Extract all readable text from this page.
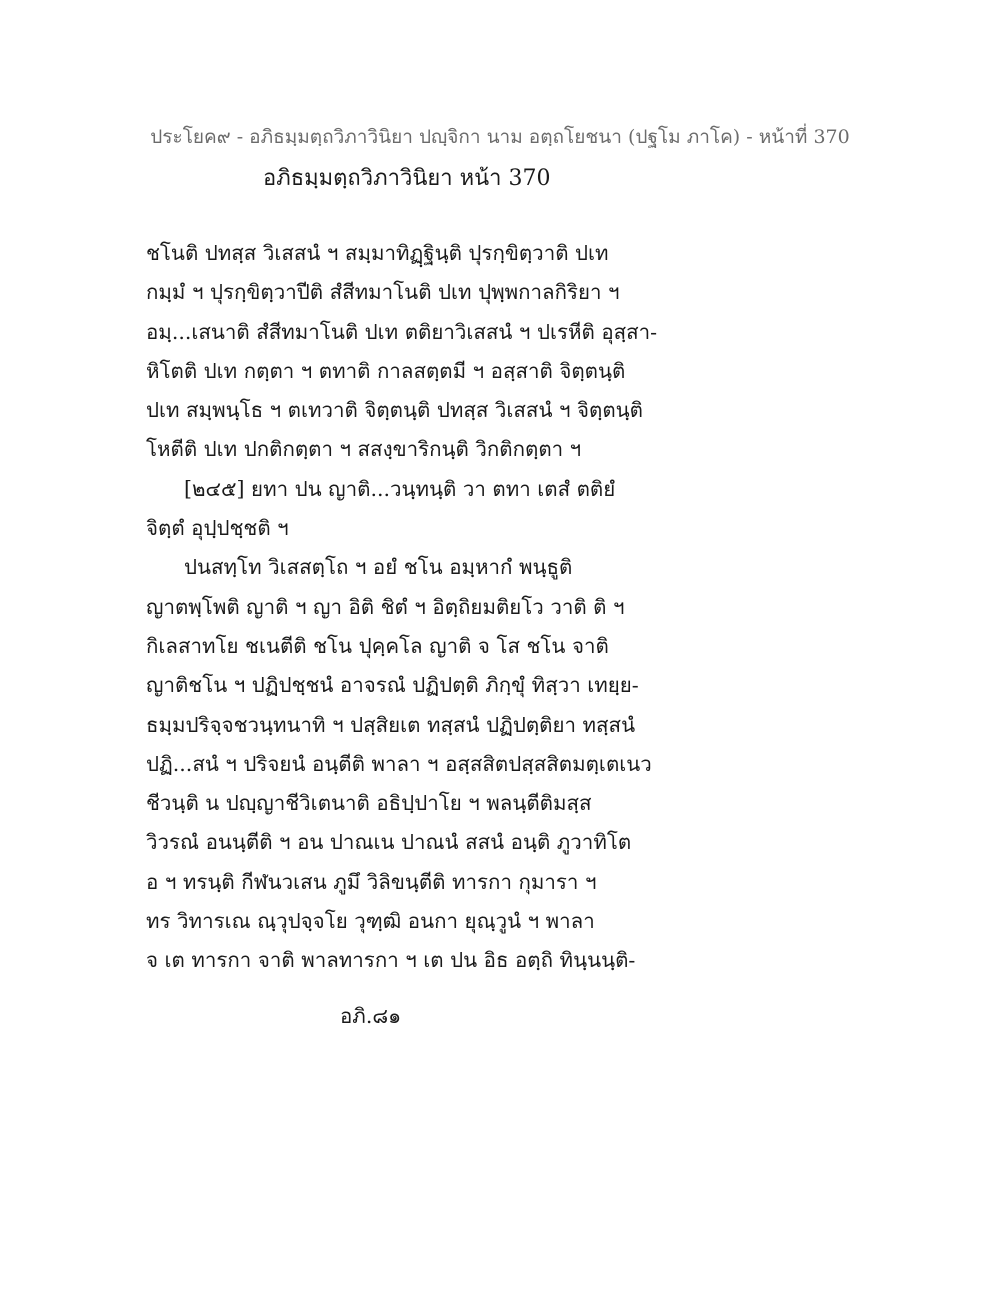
ประโยค๙ - อภิธมฺมตฺถวิภาวินิยา ปญฺจิกา นาม อตฺถโยชนา (ปฐโม ภาโค) - หน้าที่ 370
อภิธมฺมตฺถวิภาวินิยา หน้า 370
ชโนติ ปทสฺส วิเสสนํ ฯ สมฺมาทิฏฺฐินฺติ ปุรกฺขิตฺวาติ ปเท
กมฺมํ ฯ ปุรกฺขิตฺวาปีติ สํสีทมาโนติ ปเท ปุพฺพกาลกิริยา ฯ
อมฺ...เสนาติ สํสีทมาโนติ ปเท ตติยาวิเสสนํ ฯ ปเรหีติ อุสฺสา-
หิโตติ ปเท กตฺตา ฯ ตทาติ กาลสตฺตมี ฯ อสฺสาติ จิตฺตนฺติ
ปเท สมฺพนฺโธ ฯ ตเทวาติ จิตฺตนฺติ ปทสฺส วิเสสนํ ฯ จิตฺตนฺติ
โหตีติ ปเท ปกติกตฺตา ฯ สสงฺขาริกนฺติ วิกติกตฺตา ฯ
[๒๔๕] ยทา ปน ญาติ...วนฺทนฺติ วา ตทา เตสํ ตติยํ
จิตฺตํ อุปฺปชฺชติ ฯ
ปนสทฺโท วิเสสตฺโถ ฯ อยํ ชโน อมฺหากํ พนฺธูติ
ญาตพฺโพติ ญาติ ฯ ญา อิติ ชิตํ ฯ อิตฺถิยมติยโว วาติ ติ ฯ
กิเลสาทโย ชเนตีติ ชโน ปุคฺคโล ญาติ จ โส ชโน จาติ
ญาติชโน ฯ ปฏิปชฺชนํ อาจรณํ ปฏิปตฺติ ภิกฺขุํ ทิสฺวา เทยฺย-
ธมฺมปริจฺจชวนฺทนาทิ ฯ ปสฺสิยเต ทสฺสนํ ปฏิปตฺติยา ทสฺสนํ
ปฏิ...สนํ ฯ ปริจยนํ อนฺตีติ พาลา ฯ อสฺสสิตปสฺสสิตมตฺเตเนว
ชีวนฺติ น ปญฺญาชีวิเตนาติ อธิปฺปาโย ฯ พลนฺตีติมสฺส
วิวรณํ อนนฺตีติ ฯ อน ปาณเน ปาณนํ สสนํ อนฺติ ภูวาทิโต
อ ฯ ทรนฺติ กีฬนวเสน ภูมึ วิลิขนฺตีติ ทารกา กุมารา ฯ
ทร วิทารเณ ณฺวุปจฺจโย วุฑฺฒิ อนกา ยุณฺวูนํ ฯ พาลา
จ เต ทารกา จาติ พาลทารกา ฯ เต ปน อิธ อตฺถิ ทินฺนนฺติ-
อภิ.๘๑
